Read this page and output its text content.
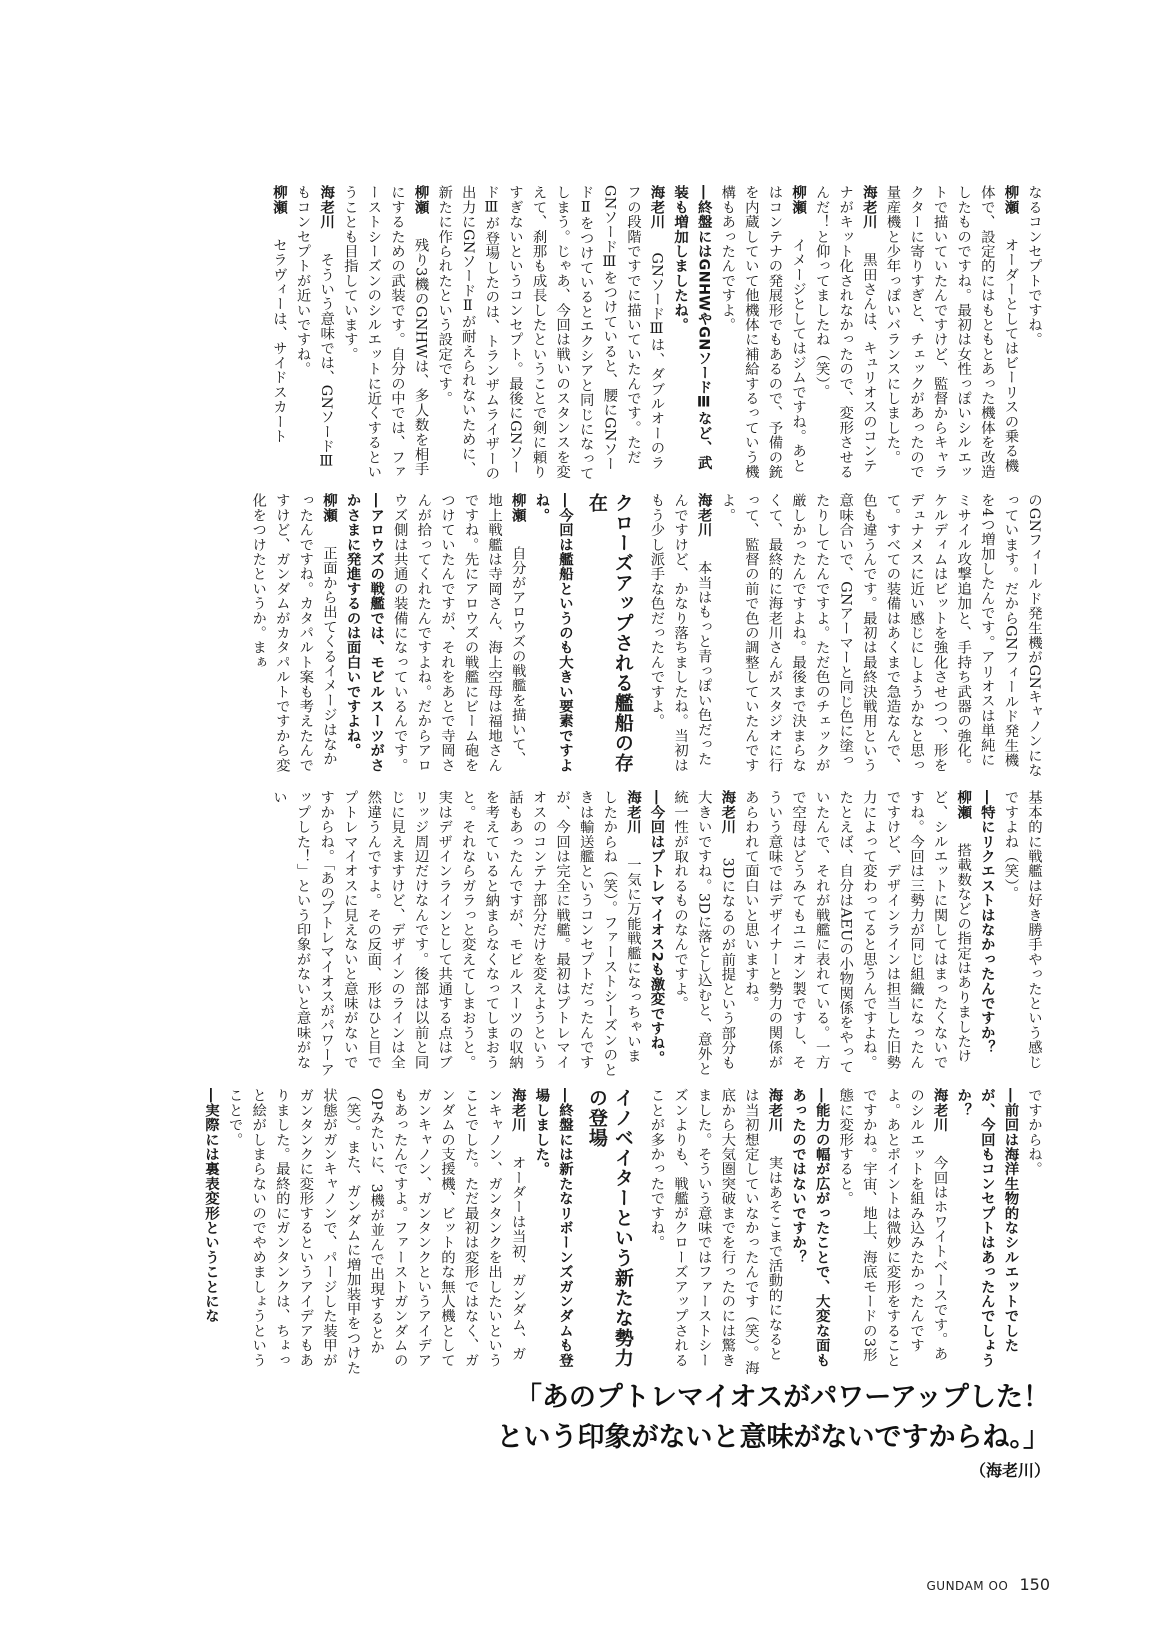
なるコンセプトですね。

柳瀬　オーダーとしてはビーリスの乗る機体で、設定的にはもともとあった機体を改造したものですね。最初は女性っぽいシルエットで描いていたんですけど、監督からキャラクターに寄りすぎと、チェックがあったので量産機と少年っぽいバランスにしました。

海老川　黒田さんは、キュリオスのコンテナがキット化されなかったので、変形させるんだ！と仰ってましたね（笑）。

柳瀬　イメージとしてはジムですね。あとはコンテナの発展形でもあるので、予備の銃を内蔵していて他機体に補給するっていう機構もあったんですよ。

―終盤にはGNHWやGNソードⅢなど、武装も増加しましたね。

海老川　GNソードⅢは、ダブルオーのラフの段階ですでに描いていたんです。ただGNソードⅢをつけていると、腰にGNソードⅡをつけているとエクシアと同じになってしまう。じゃあ、今回は戦いのスタンスを変えて、刹那も成長したということで剣に頼りすぎないというコンセプト。最後にGNソードⅢが登場したのは、トランザムライザーの出力にGNソードⅡが耐えられないために、新たに作られたという設定です。

柳瀬　残り3機のGNHWは、多人数を相手にするための武装です。自分の中では、ファーストシーズンのシルエットに近くするということも目指しています。

海老川　そういう意味では、GNソードⅢもコンセプトが近いですね。

柳瀬　セラヴィーは、サイドスカート

のGNフィールド発生機がGNキャノンになっています。だからGNフィールド発生機を4つ増加したんです。アリオスは単純にミサイル攻撃追加と、手持ち武器の強化。ケルディムはビットを強化させつつ、形をデュナメスに近い感じにしようかなと思って。すべての装備はあくまで急造なんで、色も違うんです。最初は最終決戦用という意味合いで、GNアーマーと同じ色に塗ったりしてたんですよ。ただ色のチェックが厳しかったんですよね。最後まで決まらなくて、最終的に海老川さんがスタジオに行って、監督の前で色の調整していたんですよ。

海老川　本当はもっと青っぽい色だったんですけど、かなり落ちましたね。当初はもう少し派手な色だったんですよ。

クローズアップされる艦船の存在

―今回は艦船というのも大きい要素ですよね。

柳瀬　自分がアロウズの戦艦を描いて、地上戦艦は寺岡さん、海上空母は福地さんですね。先にアロウズの戦艦にビーム砲をつけていたんですが、それをあとで寺岡さんが拾ってくれたんですよね。だからアロウズ側は共通の装備になっているんです。

―アロウズの戦艦では、モビルスーツがさかさまに発進するのは面白いですよね。

柳瀬　正面から出てくるイメージはなかったんですね。カタパルト案も考えたんですけど、ガンダムがカタパルトですから変化をつけたというか。まぁ

基本的に戦艦は好き勝手やったという感じですよね（笑）。

―特にリクエストはなかったんですか？

柳瀬　搭載数などの指定はありましたけど、シルエットに関してはまったくないですね。今回は三勢力が同じ組織になったんですけど、デザインラインは担当した旧勢力によって変わってると思うんですよね。たとえば、自分はAEUの小物関係をやっていたんで、それが戦艦に表れている。一方で空母はどうみてもユニオン製ですし、そういう意味ではデザイナーと勢力の関係があらわれて面白いと思いますね。

海老川　3Dになるのが前提という部分も大きいですね。3Dに落とし込むと、意外と統一性が取れるものなんですよ。

―今回はプトレマイオス2も激変ですね。

海老川　一気に万能戦艦になっちゃいましたからね（笑）。ファーストシーズンのときは輸送艦というコンセプトだったんですが、今回は完全に戦艦。最初はプトレマイオスのコンテナ部分だけを変えようという話もあったんですが、モビルスーツの収納を考えていると納まらなくなってしまおうと。それならガラっと変えてしまおうと。実はデザインラインとして共通する点はブリッジ周辺だけなんです。後部は以前と同じに見えますけど、デザインのラインは全然違うんですよ。その反面、形はひと目でプトレマイオスに見えないと意味がないですからね。「あのプトレマイオスがパワーアップした！」という印象がないと意味がない

ですからね。

―前回は海洋生物的なシルエットでしたが、今回もコンセプトはあったんでしょうか？

海老川　今回はホワイトベースです。あのシルエットを組み込みたかったんですよ。あとポイントは微妙に変形をすることですかね。宇宙、地上、海底モードの3形態に変形すると。

―能力の幅が広がったことで、大変な面もあったのではないですか？

海老川　実はあそこまで活動的になるとは当初想定していなかったんです（笑）。海底から大気圏突破までを行ったのには驚きました。そういう意味ではファーストシーズンよりも、戦艦がクローズアップされることが多かったですね。

イノベイターという新たな勢力の登場

―終盤には新たなリボーンズガンダムも登場しました。

海老川　オーダーは当初、ガンダム、ガンキャノン、ガンタンクを出したいということでした。ただ最初は変形ではなく、ガンダムの支援機、ビット的な無人機としてガンキャノン、ガンタンクというアイデアもあったんですよ。ファーストガンダムのOPみたいに、3機が並んで出現するとか（笑）。また、ガンダムに増加装甲をつけた状態がガンキャノンで、パージした装甲がガンタンクに変形するというアイデアもありました。最終的にガンタンクは、ちょっと絵がしまらないのでやめましょうということで。

―実際には裏表変形ということにな

「あのプトレマイオスがパワーアップした！
という印象がないと意味がないですからね。」
（海老川）
GUNDAM OO 150
